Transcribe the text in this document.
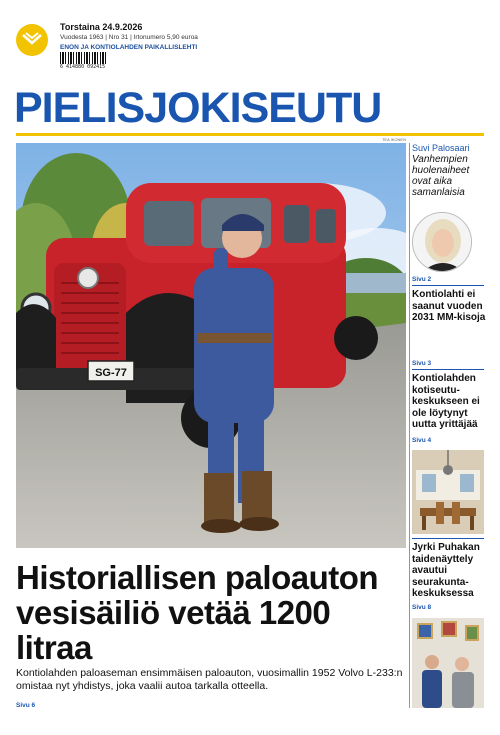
Torstaina 24.9.2026
Vuodesta 1963 | Nro 31 | Irtonumero 5,90 euroa
ENON JA KONTIOLAHDEN PAIKALLISLEHTI
6 414880 092415
PIELISJOKISEUTU
TEA IKONEN
SG-77
Historiallisen paloauton vesisäiliö vetää 1200 litraa
Kontiolahden paloaseman ensimmäisen paloauton, vuosimallin 1952 Volvo L-233:n omistaa nyt yhdistys, joka vaalii autoa tarkalla otteella.
Sivu 6
Suvi Palosaari
Vanhempien huolenaiheet ovat aika samanlaisia
Sivu 2
Kontiolahti ei saanut vuoden 2031 MM-kisoja
Sivu 3
Kontiolahden kotiseutu-keskukseen ei ole löytynyt uutta yrittäjää
Sivu 4
Jyrki Puhakan taidenäyttely avautui seurakunta-keskuksessa
Sivu 8
